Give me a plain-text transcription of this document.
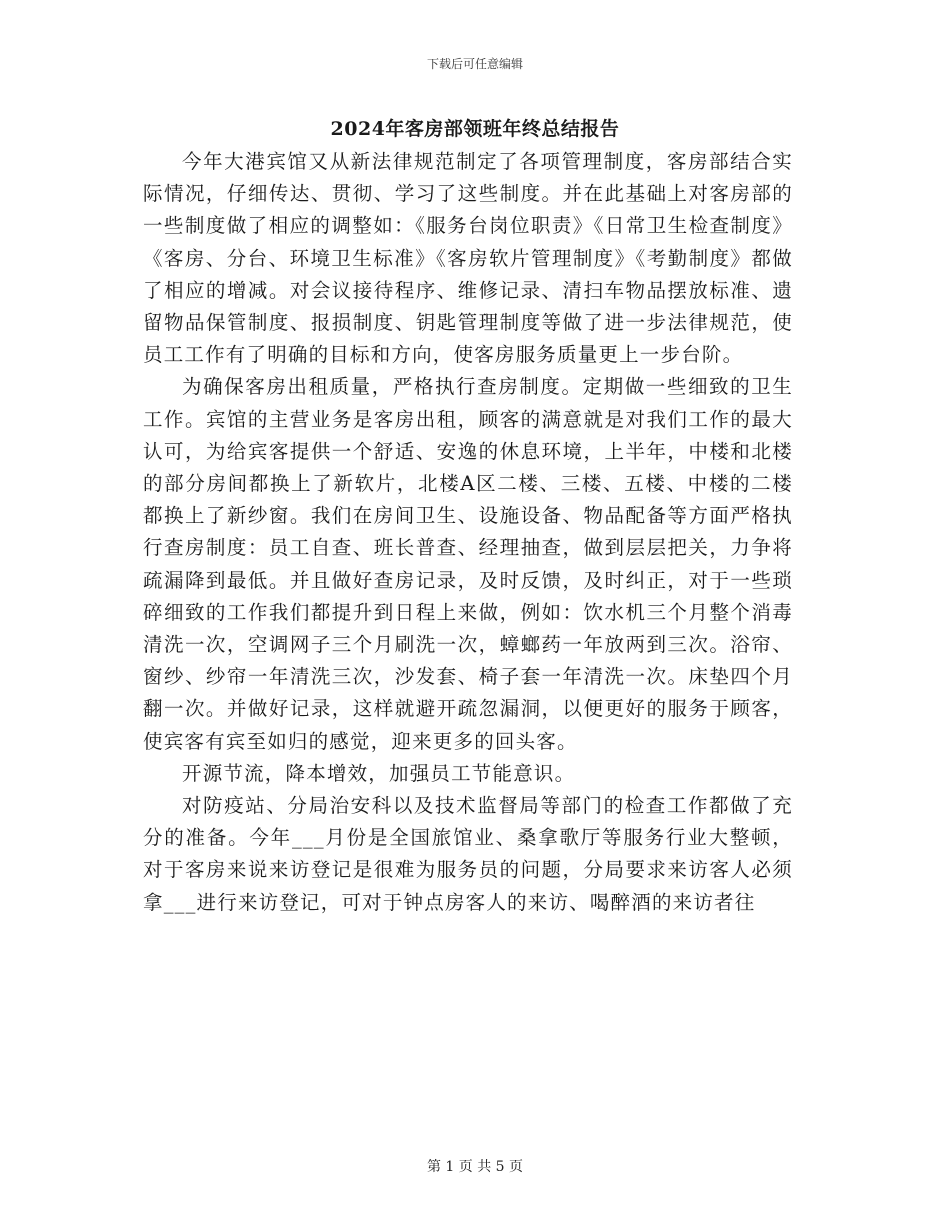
下载后可任意编辑
2024年客房部领班年终总结报告

今年大港宾馆又从新法律规范制定了各项管理制度，客房部结合实际情况，仔细传达、贯彻、学习了这些制度。并在此基础上对客房部的一些制度做了相应的调整如：《服务台岗位职责》《日常卫生检查制度》《客房、分台、环境卫生标准》《客房软片管理制度》《考勤制度》都做了相应的增减。对会议接待程序、维修记录、清扫车物品摆放标准、遗留物品保管制度、报损制度、钥匙管理制度等做了进一步法律规范，使员工工作有了明确的目标和方向，使客房服务质量更上一步台阶。

为确保客房出租质量，严格执行查房制度。定期做一些细致的卫生工作。宾馆的主营业务是客房出租，顾客的满意就是对我们工作的最大认可，为给宾客提供一个舒适、安逸的休息环境，上半年，中楼和北楼的部分房间都换上了新软片，北楼A区二楼、三楼、五楼、中楼的二楼都换上了新纱窗。我们在房间卫生、设施设备、物品配备等方面严格执行查房制度：员工自查、班长普查、经理抽查，做到层层把关，力争将疏漏降到最低。并且做好查房记录，及时反馈，及时纠正，对于一些琐碎细致的工作我们都提升到日程上来做，例如：饮水机三个月整个消毒清洗一次，空调网子三个月刷洗一次，蟑螂药一年放两到三次。浴帘、窗纱、纱帘一年清洗三次，沙发套、椅子套一年清洗一次。床垫四个月翻一次。并做好记录，这样就避开疏忽漏洞，以便更好的服务于顾客，使宾客有宾至如归的感觉，迎来更多的回头客。

开源节流，降本增效，加强员工节能意识。

对防疫站、分局治安科以及技术监督局等部门的检查工作都做了充分的准备。今年___月份是全国旅馆业、桑拿歌厅等服务行业大整顿，对于客房来说来访登记是很难为服务员的问题，分局要求来访客人必须拿___进行来访登记，可对于钟点房客人的来访、喝醉酒的来访者往

第 1 页 共 5 页
